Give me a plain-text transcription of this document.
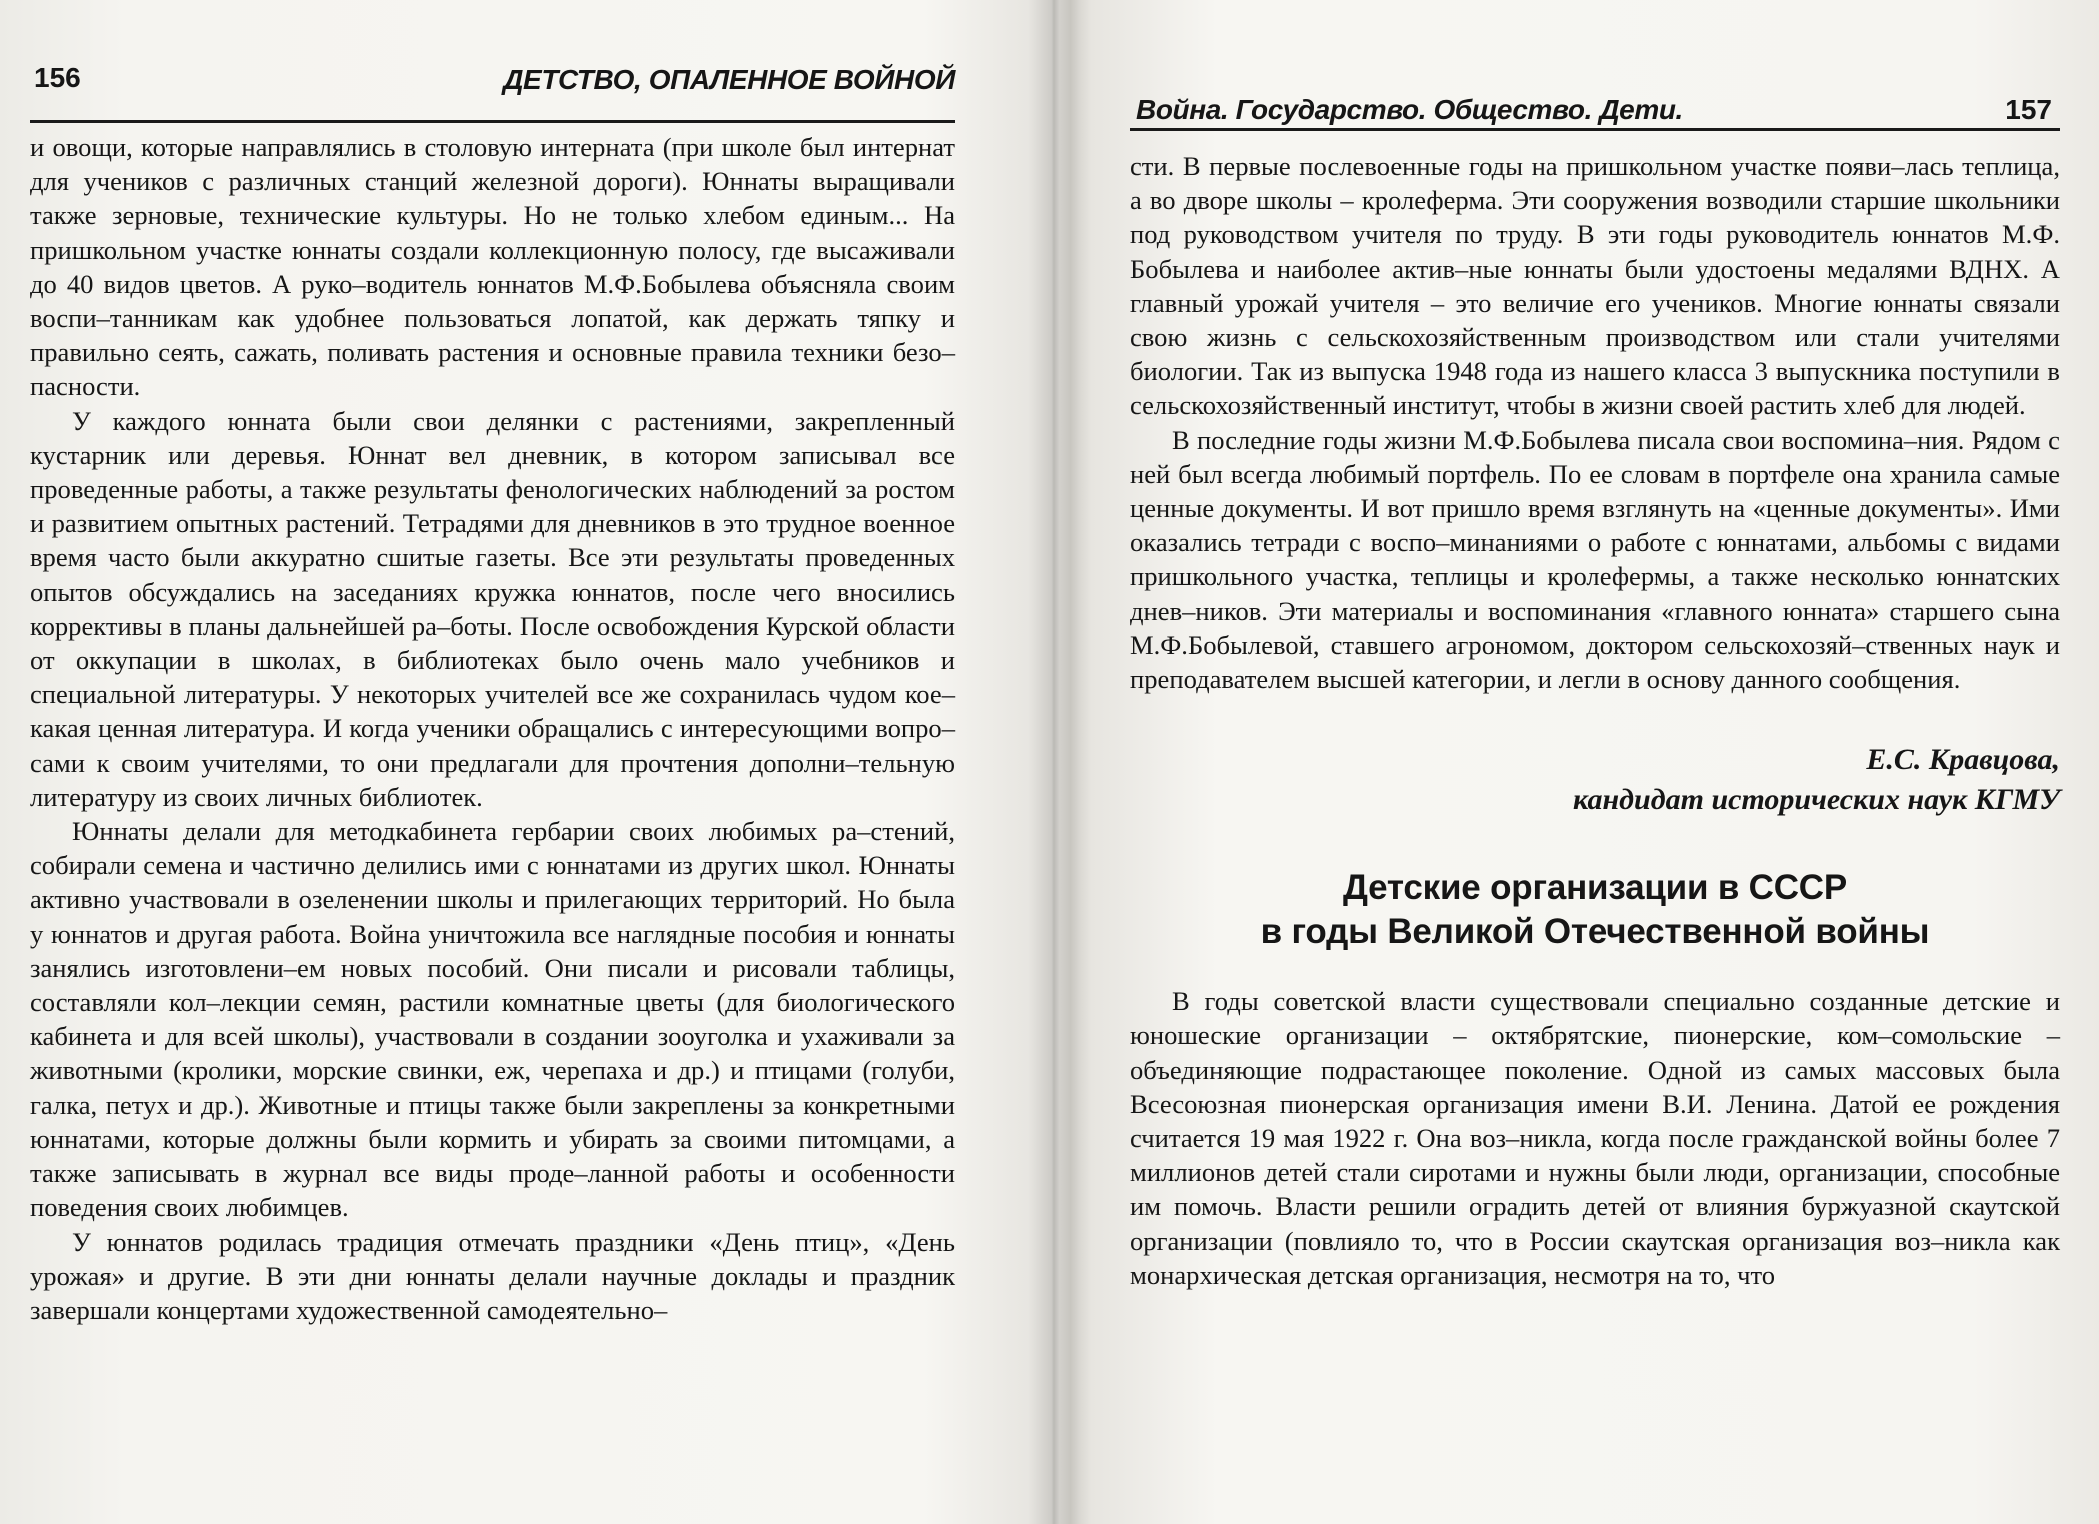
156	ДЕТСТВО, ОПАЛЕННОЕ ВОЙНОЙ

и овощи, которые направлялись в столовую интерната (при школе был интернат для учеников с различных станций железной дороги). Юннаты выращивали также зерновые, технические культуры. Но не только хлебом единым... На пришкольном участке юннаты создали коллекционную полосу, где высаживали до 40 видов цветов. А руко–водитель юннатов М.Ф.Бобылева объясняла своим воспи–танникам как удобнее пользоваться лопатой, как держать тяпку и правильно сеять, сажать, поливать растения и основные правила техники безо–пасности.

У каждого юнната были свои делянки с растениями, закрепленный кустарник или деревья. Юннат вел дневник, в котором записывал все проведенные работы, а также результаты фенологических наблюдений за ростом и развитием опытных растений. Тетрадями для дневников в это трудное военное время часто были аккуратно сшитые газеты. Все эти результаты проведенных опытов обсуждались на заседаниях кружка юннатов, после чего вносились коррективы в планы дальнейшей ра–боты. После освобождения Курской области от оккупации в школах, в библиотеках было очень мало учебников и специальной литературы. У некоторых учителей все же сохранилась чудом кое–какая ценная литература. И когда ученики обращались с интересующими вопро–сами к своим учителями, то они предлагали для прочтения дополни–тельную литературу из своих личных библиотек.

Юннаты делали для методкабинета гербарии своих любимых ра–стений, собирали семена и частично делились ими с юннатами из других школ. Юннаты активно участвовали в озеленении школы и прилегающих территорий. Но была у юннатов и другая работа. Война уничтожила все наглядные пособия и юннаты занялись изготовлени–ем новых пособий. Они писали и рисовали таблицы, составляли кол–лекции семян, растили комнатные цветы (для биологического кабинета и для всей школы), участвовали в создании зооуголка и ухаживали за животными (кролики, морские свинки, еж, черепаха и др.) и птицами (голуби, галка, петух и др.). Животные и птицы также были закреплены за конкретными юннатами, которые должны были кормить и убирать за своими питомцами, а также записывать в журнал все виды проде–ланной работы и особенности поведения своих любимцев.

У юннатов родилась традиция отмечать праздники «День птиц», «День урожая» и другие. В эти дни юннаты делали научные доклады и праздник завершали концертами художественной самодеятельно–

Война. Государство. Общество. Дети.	157

сти. В первые послевоенные годы на пришкольном участке появи–лась теплица, а во дворе школы – кролеферма. Эти сооружения возводили старшие школьники под руководством учителя по труду. В эти годы руководитель юннатов М.Ф. Бобылева и наиболее актив–ные юннаты были удостоены медалями ВДНХ. А главный урожай учителя – это величие его учеников. Многие юннаты связали свою жизнь с сельскохозяйственным производством или стали учителями биологии. Так из выпуска 1948 года из нашего класса 3 выпускника поступили в сельскохозяйственный институт, чтобы в жизни своей растить хлеб для людей.

В последние годы жизни М.Ф.Бобылева писала свои воспомина–ния. Рядом с ней был всегда любимый портфель. По ее словам в портфеле она хранила самые ценные документы. И вот пришло время взглянуть на «ценные документы». Ими оказались тетради с воспо–минаниями о работе с юннатами, альбомы с видами пришкольного участка, теплицы и кролефермы, а также несколько юннатских днев–ников. Эти материалы и воспоминания «главного юнната» старшего сына М.Ф.Бобылевой, ставшего агрономом, доктором сельскохозяй–ственных наук и преподавателем высшей категории, и легли в основу данного сообщения.

Е.С. Кравцова,
кандидат исторических наук КГМУ
Детские организации в СССР
в годы Великой Отечественной войны

В годы советской власти существовали специально созданные детские и юношеские организации – октябрятские, пионерские, ком–сомольские – объединяющие подрастающее поколение. Одной из самых массовых была Всесоюзная пионерская организация имени В.И. Ленина. Датой ее рождения считается 19 мая 1922 г. Она воз–никла, когда после гражданской войны более 7 миллионов детей стали сиротами и нужны были люди, организации, способные им помочь. Власти решили оградить детей от влияния буржуазной скаутской организации (повлияло то, что в России скаутская организация воз–никла как монархическая детская организация, несмотря на то, что
